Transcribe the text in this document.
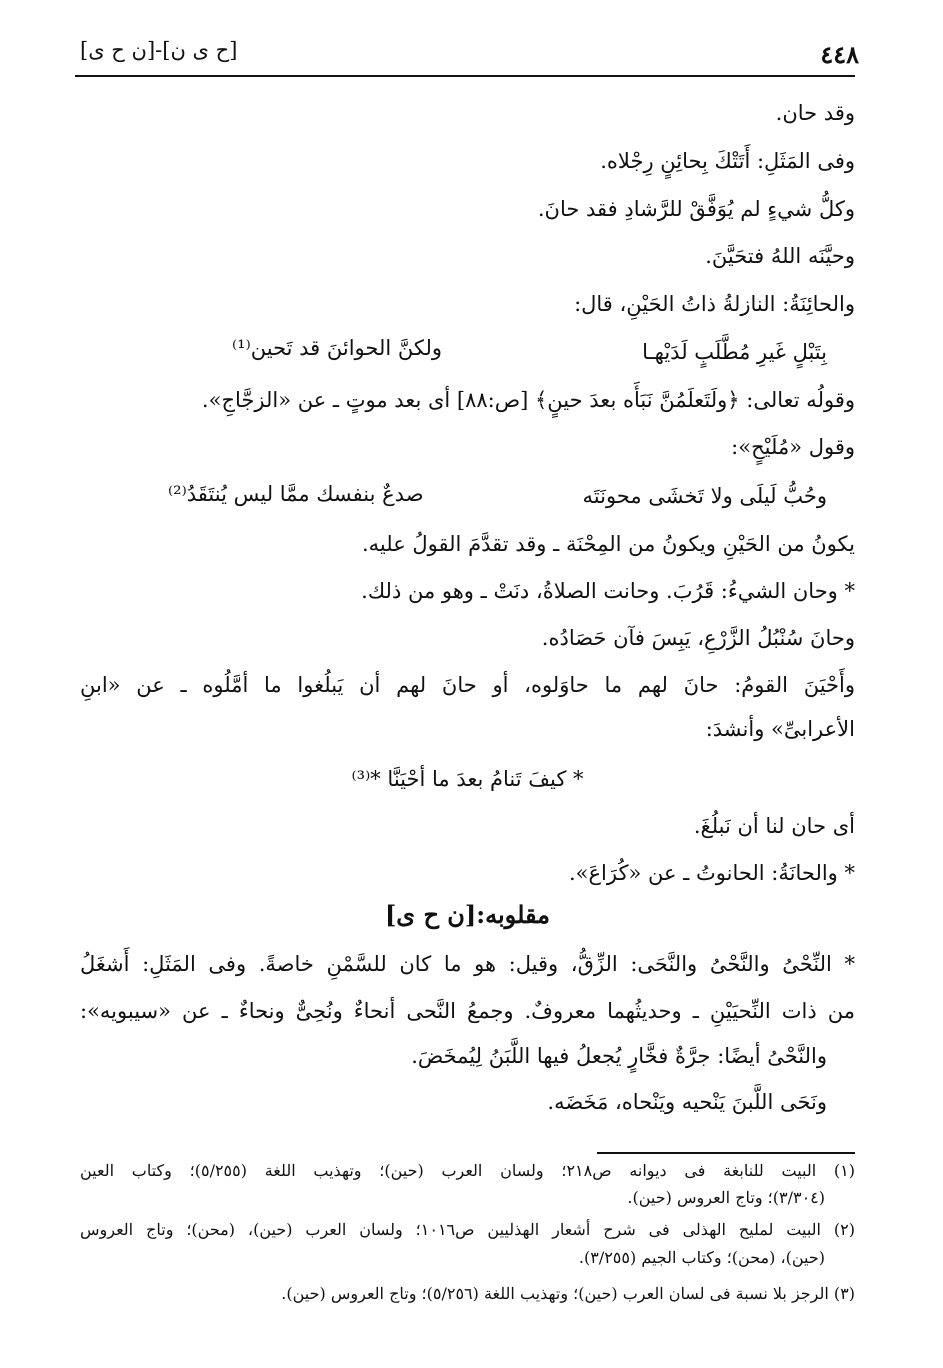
٤٤٨
[ح ى ن]-[ن ح ى]
وقد حان.
وفى المَثَلِ: أَتَتْكَ بِحائِنٍ رِجْلاه.
وكلُّ شيءٍ لم يُوَفَّقْ للرَّشادِ فقد حانَ.
وحيَّنَه اللهُ فتحَيَّنَ.
والحائِنَةُ: النازلةُ ذاتُ الحَيْنِ، قال:
بِتَبْلٍ غَيرِ مُطَّلَبٍ لَدَيْهـا
ولكنَّ الحوائنَ قد تَحين⁽¹⁾
وقولُه تعالى: ﴿ولَتَعلَمُنَّ نَبَأَه بعدَ حينٍ﴾ [ص:٨٨] أى بعد موتٍ ـ عن «الزجَّاجِ».
وقول «مُلَيْحٍ»:
وحُبُّ لَيلَى ولا تَخشَى محونَتَه
صدعٌ بنفسك ممَّا ليس يُنتَقَدُ⁽²⁾
يكونُ من الحَيْنِ ويكونُ من المِحْنَة ـ وقد تقدَّمَ القولُ عليه.
* وحان الشيءُ: قَرُبَ. وحانت الصلاةُ، دنَتْ ـ وهو من ذلك.
وحانَ سُنْبُلُ الزَّرْعِ، يَبِسَ فآن حَصَادُه.
وأَحْيَنَ القومُ: حانَ لهم ما حاوَلوه، أو حانَ لهم أن يَبلُغوا ما أمَّلُوه ـ عن «ابنِ
الأعرابىِّ» وأنشدَ:
* كيفَ تَنامُ بعدَ ما أحْيَنَّا *⁽³⁾
أى حان لنا أن نَبلُغَ.
* والحانَةُ: الحانوتُ ـ عن «كُرَاعَ».
مقلوبه:[ن ح ى]
* النِّحْىُ والنَّحْىُ والنَّحَى: الزِّقُّ، وقيل: هو ما كان للسَّمْنِ خاصةً. وفى المَثَلِ: أَشغَلُ
من ذات النِّحيَيْنِ ـ وحديثُهما معروفٌ. وجمعُ النَّحى أنحاءٌ ونُحِىٌّ ونحاءٌ ـ عن «سيبويه»:
والنَّحْىُ أيضًا: جرَّةٌ فخَّارٍ يُجعلُ فيها اللَّبَنُ لِيُمخَضَ.
ونَحَى اللَّبنَ يَنْحيه ويَنْحاه، مَخَضَه.
(١) البيت للنابغة فى ديوانه ص٢١٨؛ ولسان العرب (حين)؛ وتهذيب اللغة (٥/٢٥٥)؛ وكتاب العين
(٣/٣٠٤)؛ وتاج العروس (حين).
(٢) البيت لمليح الهذلى فى شرح أشعار الهذليين ص١٠١٦؛ ولسان العرب (حين)، (محن)؛ وتاج العروس
(حين)، (محن)؛ وكتاب الجيم (٣/٢٥٥).
(٣) الرجز بلا نسبة فى لسان العرب (حين)؛ وتهذيب اللغة (٥/٢٥٦)؛ وتاج العروس (حين).
